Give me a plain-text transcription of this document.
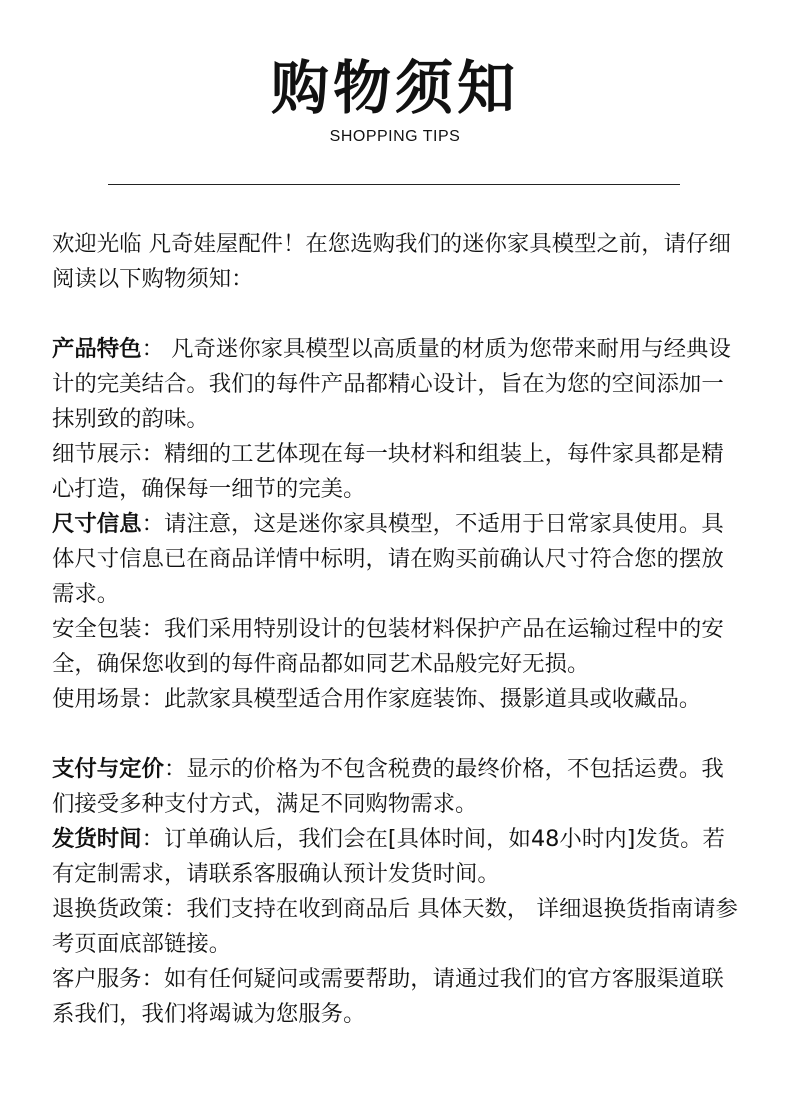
购物须知
SHOPPING TIPS

欢迎光临 凡奇娃屋配件！在您选购我们的迷你家具模型之前，请仔细阅读以下购物须知：

产品特色： 凡奇迷你家具模型以高质量的材质为您带来耐用与经典设计的完美结合。我们的每件产品都精心设计，旨在为您的空间添加一抹别致的韵味。

细节展示：精细的工艺体现在每一块材料和组装上，每件家具都是精心打造，确保每一细节的完美。

尺寸信息：请注意，这是迷你家具模型，不适用于日常家具使用。具体尺寸信息已在商品详情中标明，请在购买前确认尺寸符合您的摆放需求。

安全包装：我们采用特别设计的包装材料保护产品在运输过程中的安全，确保您收到的每件商品都如同艺术品般完好无损。

使用场景：此款家具模型适合用作家庭装饰、摄影道具或收藏品。

支付与定价：显示的价格为不包含税费的最终价格，不包括运费。我们接受多种支付方式，满足不同购物需求。

发货时间：订单确认后，我们会在[具体时间，如48小时内]发货。若有定制需求，请联系客服确认预计发货时间。

退换货政策：我们支持在收到商品后 具体天数， 详细退换货指南请参考页面底部链接。

客户服务：如有任何疑问或需要帮助，请通过我们的官方客服渠道联系我们，我们将竭诚为您服务。
